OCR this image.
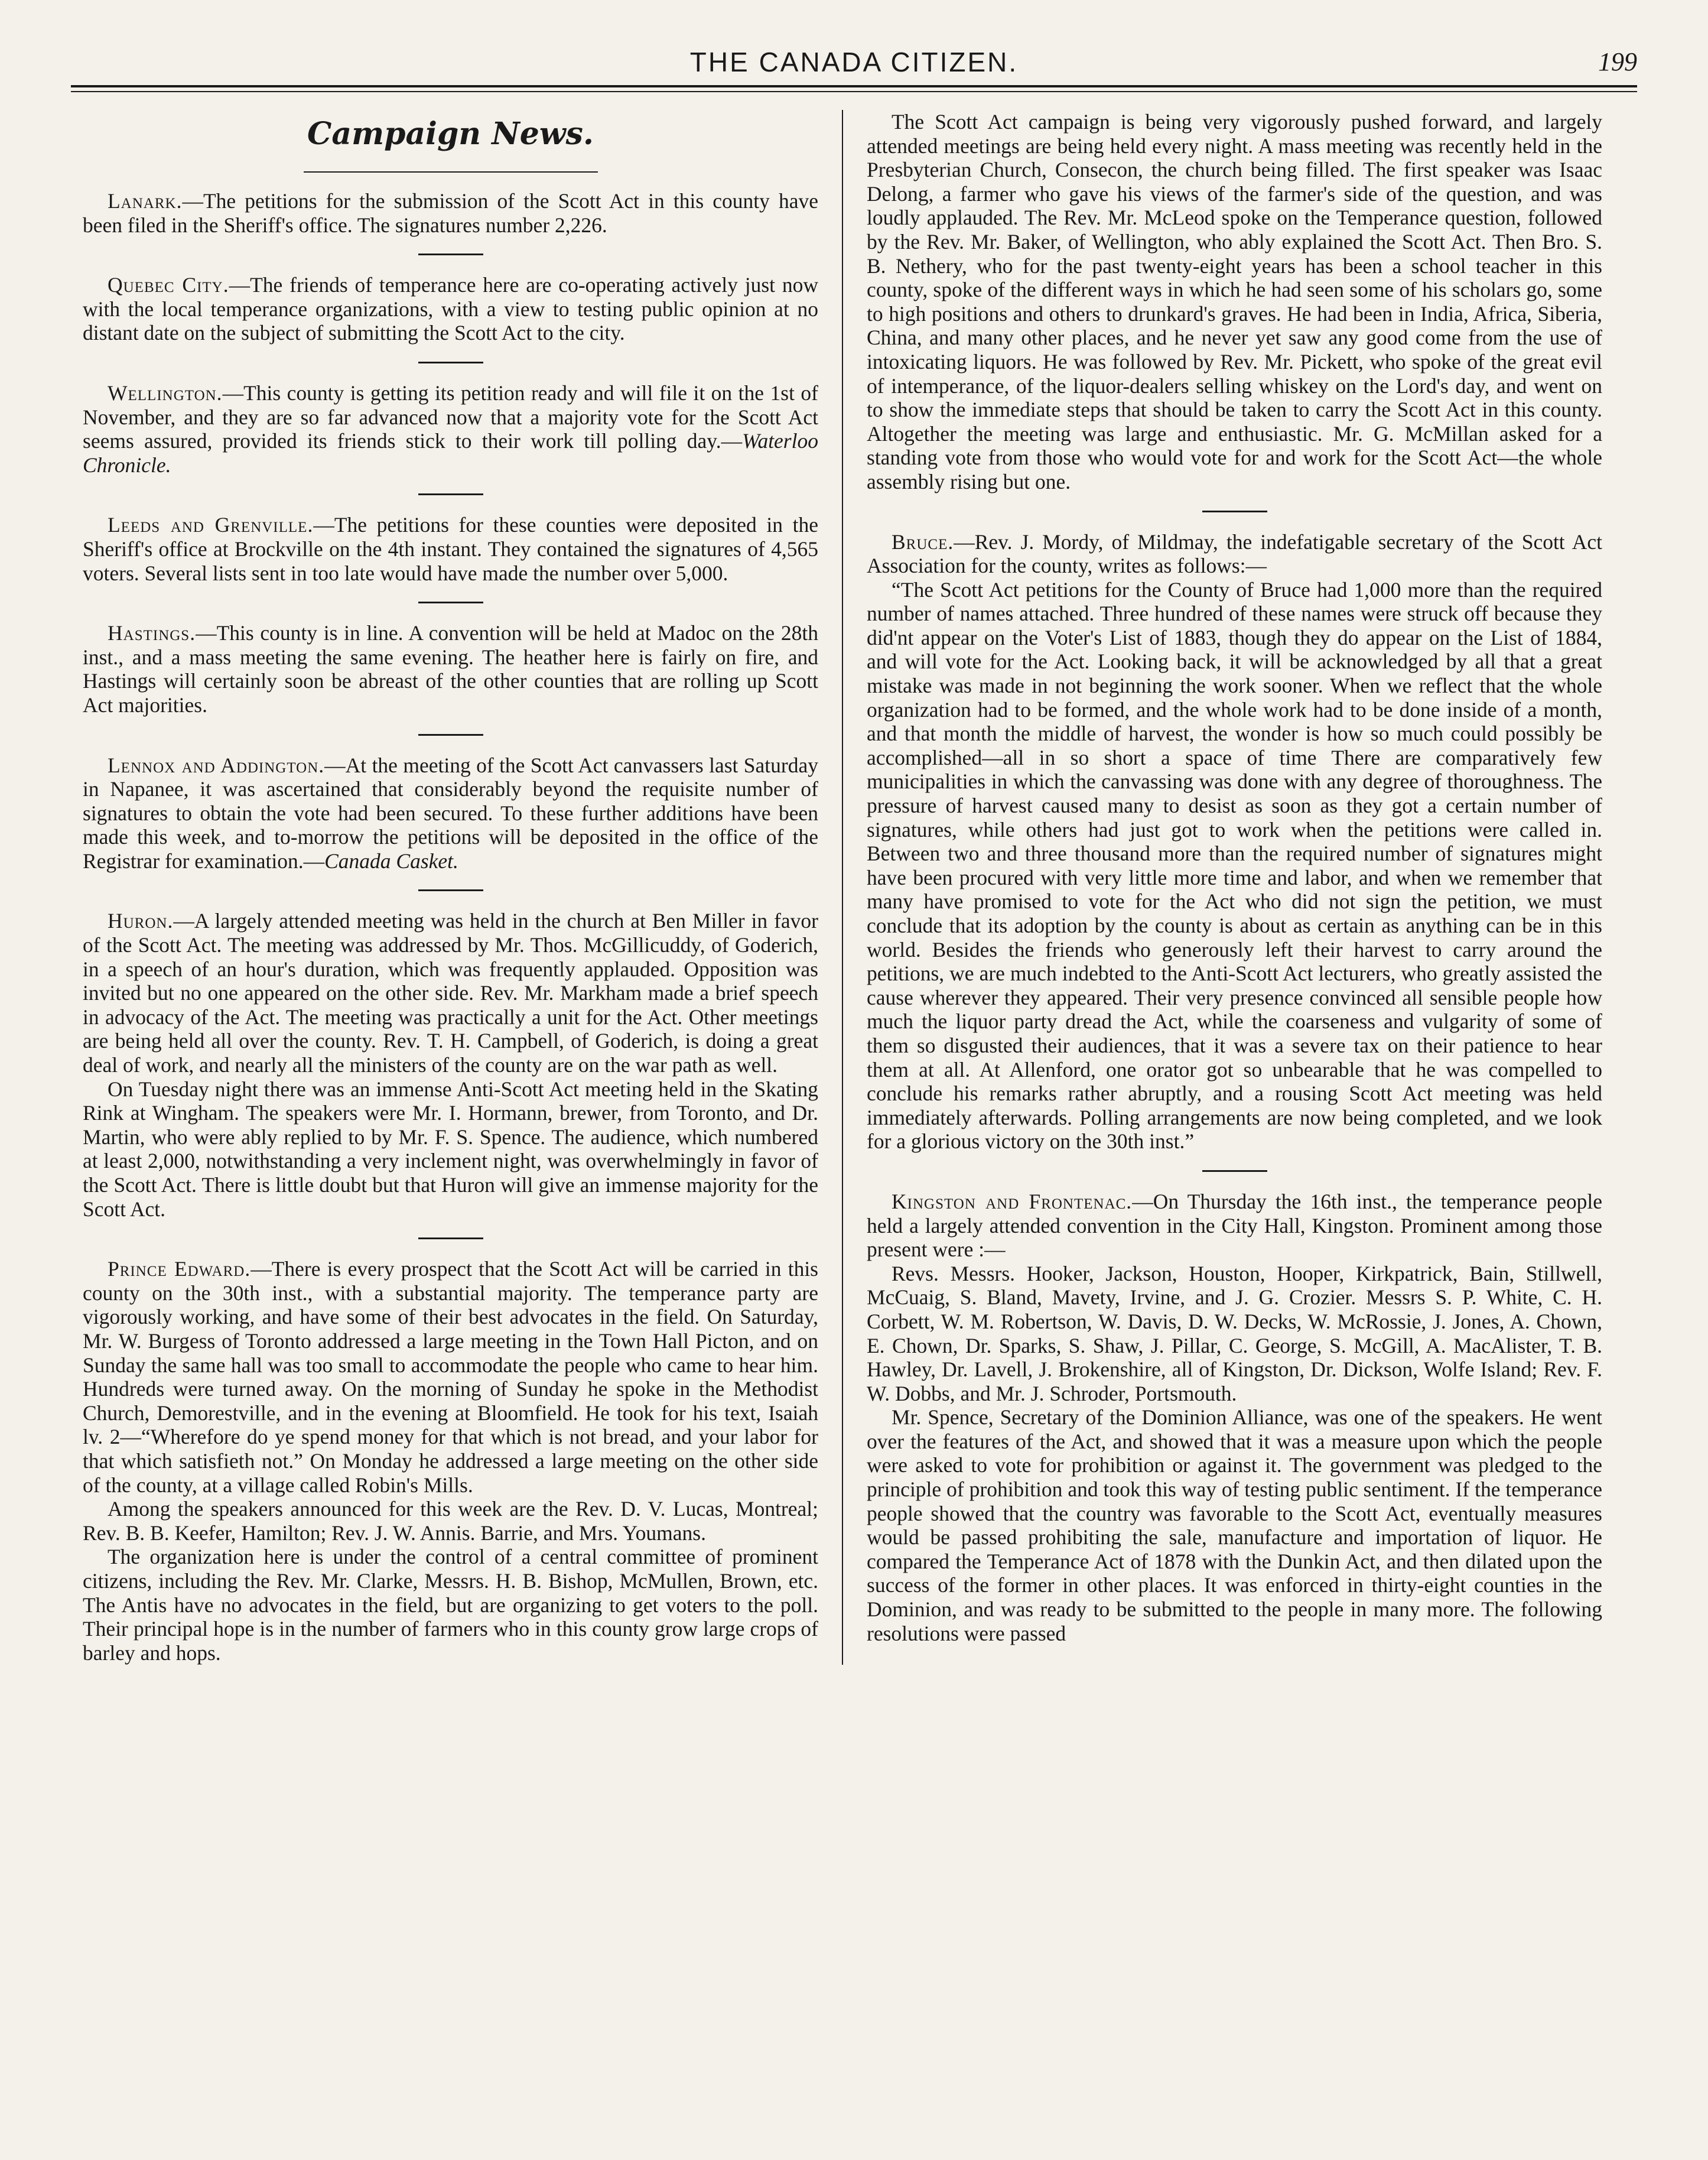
THE CANADA CITIZEN.	199
Campaign News.

Lanark.—The petitions for the submission of the Scott Act in this county have been filed in the Sheriff's office. The signatures number 2,226.

Quebec City.—The friends of temperance here are co-operating actively just now with the local temperance organizations, with a view to testing public opinion at no distant date on the subject of submitting the Scott Act to the city.

Wellington.—This county is getting its petition ready and will file it on the 1st of November, and they are so far advanced now that a majority vote for the Scott Act seems assured, provided its friends stick to their work till polling day.—Waterloo Chronicle.

Leeds and Grenville.—The petitions for these counties were deposited in the Sheriff's office at Brockville on the 4th instant. They contained the signatures of 4,565 voters. Several lists sent in too late would have made the number over 5,000.

Hastings.—This county is in line. A convention will be held at Madoc on the 28th inst., and a mass meeting the same evening. The heather here is fairly on fire, and Hastings will certainly soon be abreast of the other counties that are rolling up Scott Act majorities.

Lennox and Addington.—At the meeting of the Scott Act canvassers last Saturday in Napanee, it was ascertained that considerably beyond the requisite number of signatures to obtain the vote had been secured. To these further additions have been made this week, and to-morrow the petitions will be deposited in the office of the Registrar for examination.—Canada Casket.

Huron.—A largely attended meeting was held in the church at Ben Miller in favor of the Scott Act. The meeting was addressed by Mr. Thos. McGillicuddy, of Goderich, in a speech of an hour's duration, which was frequently applauded. Opposition was invited but no one appeared on the other side. Rev. Mr. Markham made a brief speech in advocacy of the Act. The meeting was practically a unit for the Act. Other meetings are being held all over the county. Rev. T. H. Campbell, of Goderich, is doing a great deal of work, and nearly all the ministers of the county are on the war path as well.

On Tuesday night there was an immense Anti-Scott Act meeting held in the Skating Rink at Wingham. The speakers were Mr. I. Hormann, brewer, from Toronto, and Dr. Martin, who were ably replied to by Mr. F. S. Spence. The audience, which numbered at least 2,000, notwithstanding a very inclement night, was overwhelmingly in favor of the Scott Act. There is little doubt but that Huron will give an immense majority for the Scott Act.

Prince Edward.—There is every prospect that the Scott Act will be carried in this county on the 30th inst., with a substantial majority. The temperance party are vigorously working, and have some of their best advocates in the field. On Saturday, Mr. W. Burgess of Toronto addressed a large meeting in the Town Hall Picton, and on Sunday the same hall was too small to accommodate the people who came to hear him. Hundreds were turned away. On the morning of Sunday he spoke in the Methodist Church, Demorestville, and in the evening at Bloomfield. He took for his text, Isaiah lv. 2—“Wherefore do ye spend money for that which is not bread, and your labor for that which satisfieth not.” On Monday he addressed a large meeting on the other side of the county, at a village called Robin's Mills.

Among the speakers announced for this week are the Rev. D. V. Lucas, Montreal; Rev. B. B. Keefer, Hamilton; Rev. J. W. Annis. Barrie, and Mrs. Youmans.

The organization here is under the control of a central committee of prominent citizens, including the Rev. Mr. Clarke, Messrs. H. B. Bishop, McMullen, Brown, etc. The Antis have no advocates in the field, but are organizing to get voters to the poll. Their principal hope is in the number of farmers who in this county grow large crops of barley and hops.

The Scott Act campaign is being very vigorously pushed forward, and largely attended meetings are being held every night. A mass meeting was recently held in the Presbyterian Church, Consecon, the church being filled. The first speaker was Isaac Delong, a farmer who gave his views of the farmer's side of the question, and was loudly applauded. The Rev. Mr. McLeod spoke on the Temperance question, followed by the Rev. Mr. Baker, of Wellington, who ably explained the Scott Act. Then Bro. S. B. Nethery, who for the past twenty-eight years has been a school teacher in this county, spoke of the different ways in which he had seen some of his scholars go, some to high positions and others to drunkard's graves. He had been in India, Africa, Siberia, China, and many other places, and he never yet saw any good come from the use of intoxicating liquors. He was followed by Rev. Mr. Pickett, who spoke of the great evil of intemperance, of the liquor-dealers selling whiskey on the Lord's day, and went on to show the immediate steps that should be taken to carry the Scott Act in this county. Altogether the meeting was large and enthusiastic. Mr. G. McMillan asked for a standing vote from those who would vote for and work for the Scott Act—the whole assembly rising but one.

Bruce.—Rev. J. Mordy, of Mildmay, the indefatigable secretary of the Scott Act Association for the county, writes as follows:—

“The Scott Act petitions for the County of Bruce had 1,000 more than the required number of names attached. Three hundred of these names were struck off because they did'nt appear on the Voter's List of 1883, though they do appear on the List of 1884, and will vote for the Act. Looking back, it will be acknowledged by all that a great mistake was made in not beginning the work sooner. When we reflect that the whole organization had to be formed, and the whole work had to be done inside of a month, and that month the middle of harvest, the wonder is how so much could possibly be accomplished—all in so short a space of time There are comparatively few municipalities in which the canvassing was done with any degree of thoroughness. The pressure of harvest caused many to desist as soon as they got a certain number of signatures, while others had just got to work when the petitions were called in. Between two and three thousand more than the required number of signatures might have been procured with very little more time and labor, and when we remember that many have promised to vote for the Act who did not sign the petition, we must conclude that its adoption by the county is about as certain as anything can be in this world. Besides the friends who generously left their harvest to carry around the petitions, we are much indebted to the Anti-Scott Act lecturers, who greatly assisted the cause wherever they appeared. Their very presence convinced all sensible people how much the liquor party dread the Act, while the coarseness and vulgarity of some of them so disgusted their audiences, that it was a severe tax on their patience to hear them at all. At Allenford, one orator got so unbearable that he was compelled to conclude his remarks rather abruptly, and a rousing Scott Act meeting was held immediately afterwards. Polling arrangements are now being completed, and we look for a glorious victory on the 30th inst.”

Kingston and Frontenac.—On Thursday the 16th inst., the temperance people held a largely attended convention in the City Hall, Kingston. Prominent among those present were :—

Revs. Messrs. Hooker, Jackson, Houston, Hooper, Kirkpatrick, Bain, Stillwell, McCuaig, S. Bland, Mavety, Irvine, and J. G. Crozier. Messrs S. P. White, C. H. Corbett, W. M. Robertson, W. Davis, D. W. Decks, W. McRossie, J. Jones, A. Chown, E. Chown, Dr. Sparks, S. Shaw, J. Pillar, C. George, S. McGill, A. MacAlister, T. B. Hawley, Dr. Lavell, J. Brokenshire, all of Kingston, Dr. Dickson, Wolfe Island; Rev. F. W. Dobbs, and Mr. J. Schroder, Portsmouth.

Mr. Spence, Secretary of the Dominion Alliance, was one of the speakers. He went over the features of the Act, and showed that it was a measure upon which the people were asked to vote for prohibition or against it. The government was pledged to the principle of prohibition and took this way of testing public sentiment. If the temperance people showed that the country was favorable to the Scott Act, eventually measures would be passed prohibiting the sale, manufacture and importation of liquor. He compared the Temperance Act of 1878 with the Dunkin Act, and then dilated upon the success of the former in other places. It was enforced in thirty-eight counties in the Dominion, and was ready to be submitted to the people in many more. The following resolutions were passed
